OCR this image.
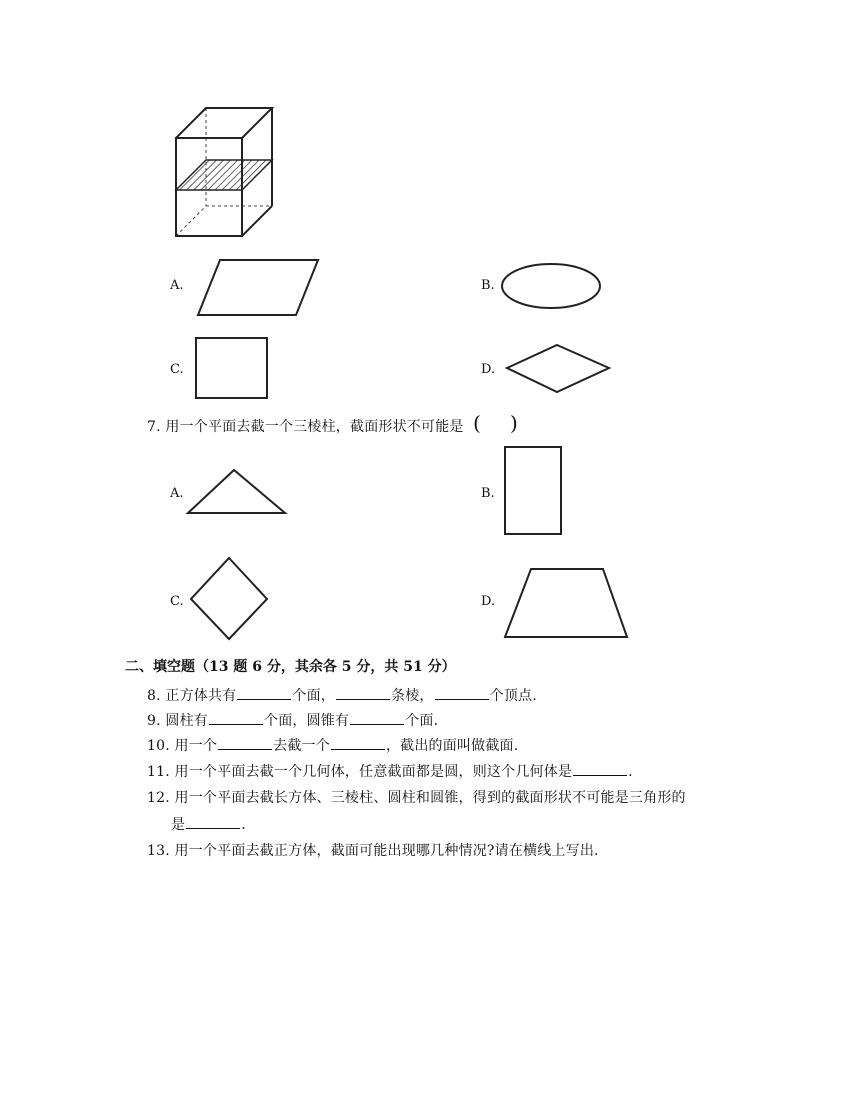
A.	B.
C.	D.
7. 用一个平面去截一个三棱柱，截面形状不可能是 ( )
A.	B.
C.	D.
二、填空题（13 题 6 分，其余各 5 分，共 51 分）
8. 正方体共有	个面，	条棱，	个顶点.
9. 圆柱有	个面，圆锥有	个面.
10. 用一个	去截一个	，截出的面叫做截面.
11. 用一个平面去截一个几何体，任意截面都是圆，则这个几何体是	.
12. 用一个平面去截长方体、三棱柱、圆柱和圆锥，得到的截面形状不可能是三角形的
是	.
13. 用一个平面去截正方体，截面可能出现哪几种情况?请在横线上写出.
